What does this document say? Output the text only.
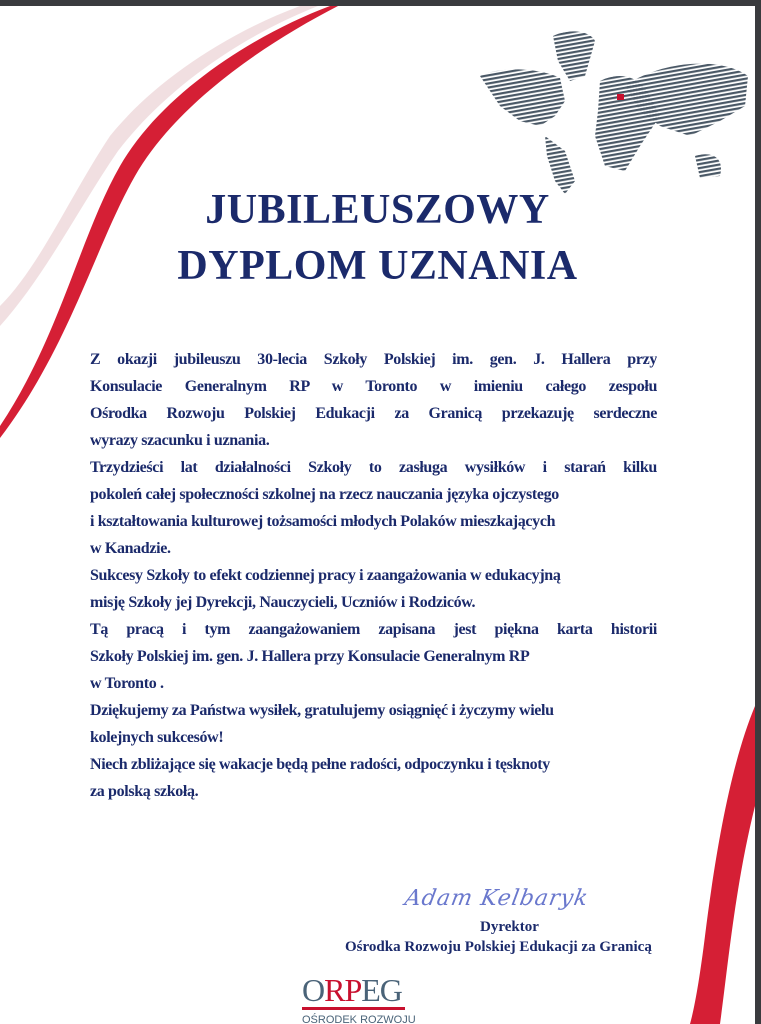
JUBILEUSZOWY
DYPLOM UZNANIA
Z okazji jubileuszu 30-lecia Szkoły Polskiej im. gen. J. Hallera przy
Konsulacie Generalnym RP w Toronto w imieniu całego zespołu
Ośrodka Rozwoju Polskiej Edukacji za Granicą przekazuję serdeczne
wyrazy szacunku i uznania.
Trzydzieści lat działalności Szkoły to zasługa wysiłków i starań kilku
pokoleń całej społeczności szkolnej na rzecz nauczania języka ojczystego
i kształtowania kulturowej tożsamości młodych Polaków mieszkających
w Kanadzie.
Sukcesy Szkoły to efekt codziennej pracy i zaangażowania w edukacyjną
misję Szkoły jej Dyrekcji, Nauczycieli, Uczniów i Rodziców.
Tą pracą i tym zaangażowaniem zapisana jest piękna karta historii
Szkoły Polskiej im. gen. J. Hallera przy Konsulacie Generalnym RP
w Toronto .
Dziękujemy za Państwa wysiłek, gratulujemy osiągnięć i życzymy wielu
kolejnych sukcesów!
Niech zbliżające się wakacje będą pełne radości, odpoczynku i tęsknoty
za polską szkołą.
Adam Kelbaryk
Dyrektor
Ośrodka Rozwoju Polskiej Edukacji za Granicą
ORPEG
OŚRODEK ROZWOJU
